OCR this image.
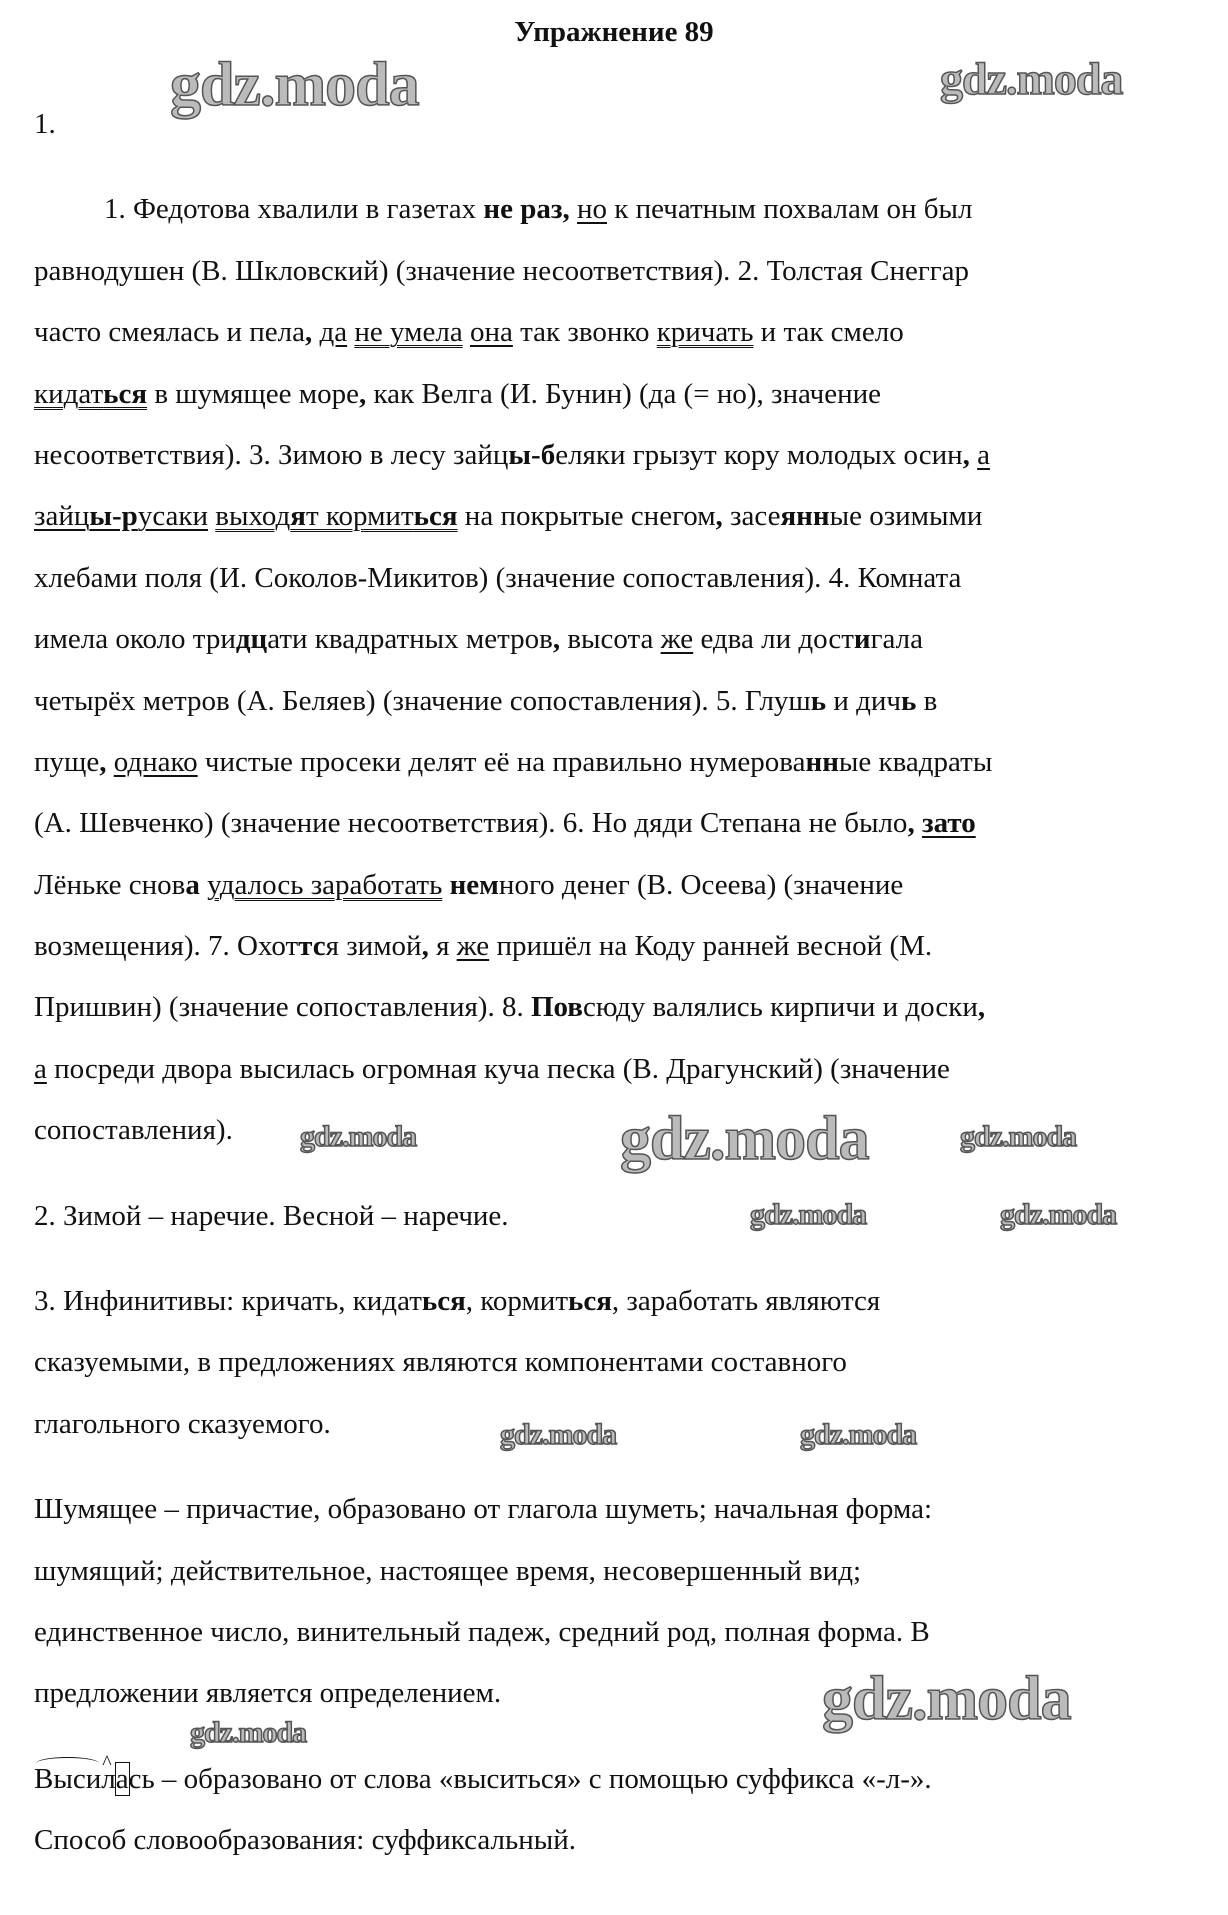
Упражнение 89
1.
1. Федотова хвалили в газетах не раз, но к печатным похвалам он был
равнодушен (В. Шкловский) (значение несоответствия). 2. Толстая Снеггар
часто смеялась и пела, да не умела она так звонко кричать и так смело
кидаться в шумящее море, как Велга (И. Бунин) (да (= но), значение
несоответствия). 3. Зимою в лесу зайцы-беляки грызут кору молодых осин, а
зайцы-русаки выходят кормиться на покрытые снегом, засеянные озимыми
хлебами поля (И. Соколов-Микитов) (значение сопоставления). 4. Комната
имела около тридцати квадратных метров, высота же едва ли достигала
четырёх метров (А. Беляев) (значение сопоставления). 5. Глушь и дичь в
пуще, однако чистые просеки делят её на правильно нумерованные квадраты
(А. Шевченко) (значение несоответствия). 6. Но дяди Степана не было, зато
Лёньке снова удалось заработать немного денег (В. Осеева) (значение
возмещения). 7. Охоттся зимой, я же пришёл на Коду ранней весной (М.
Пришвин) (значение сопоставления). 8. Повсюду валялись кирпичи и доски,
а посреди двора высилась огромная куча песка (В. Драгунский) (значение
сопоставления).
2. Зимой – наречие. Весной – наречие.
3. Инфинитивы: кричать, кидаться, кормиться, заработать являются
сказуемыми, в предложениях являются компонентами составного
глагольного сказуемого.
Шумящее – причастие, образовано от глагола шуметь; начальная форма:
шумящий; действительное, настоящее время, несовершенный вид;
единственное число, винительный падеж, средний род, полная форма. В
предложении является определением.
Выси^ лась – образовано от слова «выситься» с помощью суффикса «-л-».
Способ словообразования: суффиксальный.
gdz.moda	gdz.moda
gdz.moda	gdz.moda
gdz.moda	gdz.moda
gdz.moda	gdz.moda
gdz.moda
gdz.moda
gdz.moda
